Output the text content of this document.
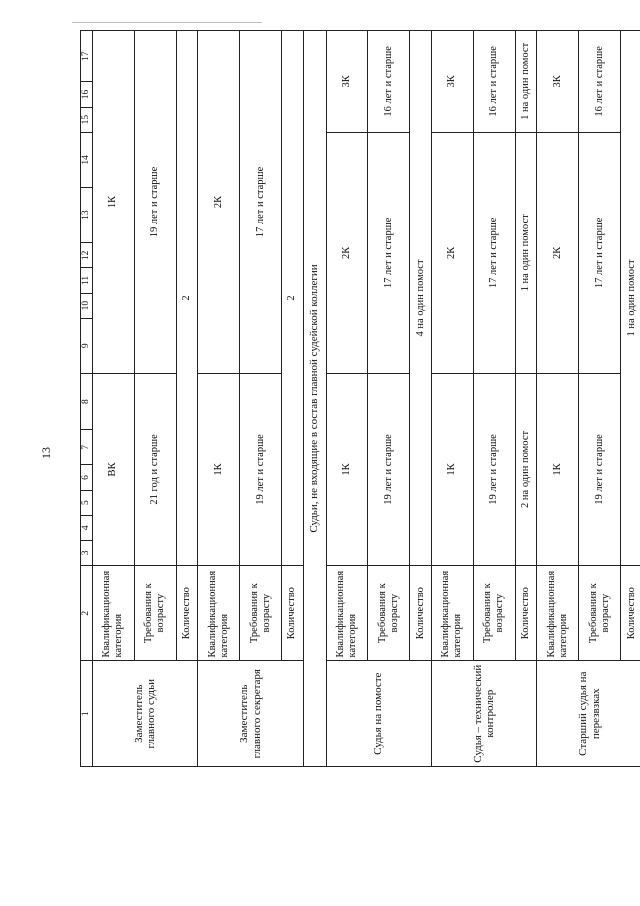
13
1	2	3	4	5	6	7	8	9	10	11	12	13	14	15	16	17
Заместитель главного судьи	Квалификационная категория	ВК						1К								
	Требования к возрасту	21 год и старше						19 лет и старше								
	Количество	2														
Заместитель главного секретаря	Квалификационная категория	1К						2К								
	Требования к возрасту	19 лет и старше						17 лет и старше								
	Количество	2														
Судьи, не входящие в состав главной судейской коллегии																
Судья на помосте	Квалификационная категория	1К						2К						3К		
	Требования к возрасту	19 лет и старше						17 лет и старше						16 лет и старше		
	Количество	4 на один помост														
Судья – технический контролер	Квалификационная категория	1К						2К						3К		
	Требования к возрасту	19 лет и старше						17 лет и старше						16 лет и старше		
	Количество	2 на один помост						1 на один помост						1 на один помост		
Старший судья на перезвзках	Квалификационная категория	1К						2К						3К		
	Требования к возрасту	19 лет и старше						17 лет и старше						16 лет и старше		
	Количество	1 на один помост														
